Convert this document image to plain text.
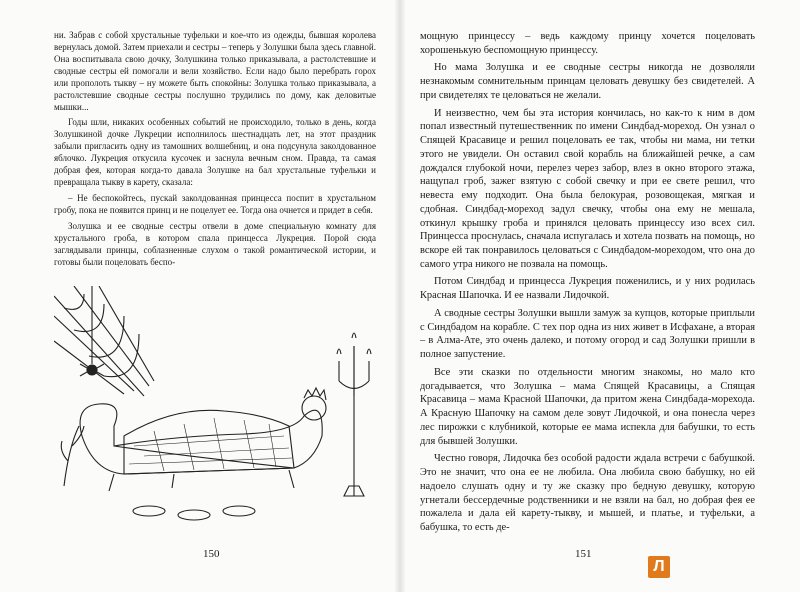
ни. Забрав с собой хрустальные туфельки и кое-что из одежды, бывшая королева вернулась домой. Затем приехали и сестры – теперь у Золушки была здесь главной. Она воспитывала свою дочку, Золушкина только приказывала, а растолстевшие и сводные сестры ей помогали и вели хозяйство. Если надо было перебрать горох или прополоть тыкву – ну можете быть спокойны: Золушка только приказывала, а растолстевшие сводные сестры послушно трудились по дому, как деловитые мышки...

Годы шли, никаких особенных событий не происходило, только в день, когда Золушкиной дочке Лукреции исполнилось шестнадцать лет, на этот праздник забыли пригласить одну из тамошних волшебниц, и она подсунула заколдованное яблочко. Лукреция откусила кусочек и заснула вечным сном. Правда, та самая добрая фея, которая когда-то давала Золушке на бал хрустальные туфельки и превращала тыкву в карету, сказала:

– Не беспокойтесь, пускай заколдованная принцесса поспит в хрустальном гробу, пока не появится принц и не поцелует ее. Тогда она очнется и придет в себя.

Золушка и ее сводные сестры отвели в доме специальную комнату для хрустального гроба, в котором спала принцесса Лукреция. Порой сюда заглядывали принцы, соблазненные слухом о такой романтической истории, и готовы были поцеловать беспо-

мощную принцессу – ведь каждому принцу хочется поцеловать хорошенькую беспомощную принцессу.

Но мама Золушка и ее сводные сестры никогда не дозволяли незнакомым сомнительным принцам целовать девушку без свидетелей. А при свидетелях те целоваться не желали.

И неизвестно, чем бы эта история кончилась, но как-то к ним в дом попал известный путешественник по имени Синдбад-мореход. Он узнал о Спящей Красавице и решил поцеловать ее так, чтобы ни мама, ни тетки этого не увидели. Он оставил свой корабль на ближайшей речке, а сам дождался глубокой ночи, перелез через забор, влез в окно второго этажа, нащупал гроб, зажег взятую с собой свечку и при ее свете решил, что невеста ему подходит. Она была белокурая, розовощекая, мягкая и сдобная. Синдбад-мореход задул свечку, чтобы она ему не мешала, откинул крышку гроба и принялся целовать принцессу изо всех сил. Принцесса проснулась, сначала испугалась и хотела позвать на помощь, но вскоре ей так понравилось целоваться с Синдбадом-мореходом, что она до самого утра никого не позвала на помощь.

Потом Синдбад и принцесса Лукреция поженились, и у них родилась Красная Шапочка. И ее назвали Лидочкой.

А сводные сестры Золушки вышли замуж за купцов, которые приплыли с Синдбадом на корабле. С тех пор одна из них живет в Исфахане, а вторая – в Алма-Ате, это очень далеко, и потому огород и сад Золушки пришли в полное запустение.

Все эти сказки по отдельности многим знакомы, но мало кто догадывается, что Золушка – мама Спящей Красавицы, а Спящая Красавица – мама Красной Шапочки, да притом жена Синдбада-морехода. А Красную Шапочку на самом деле зовут Лидочкой, и она понесла через лес пирожки с клубникой, которые ее мама испекла для бабушки, то есть для бывшей Золушки.

Честно говоря, Лидочка без особой радости ждала встречи с бабушкой. Это не значит, что она ее не любила. Она любила свою бабушку, но ей надоело слушать одну и ту же сказку про бедную девушку, которую угнетали бессердечные родственники и не взяли на бал, но добрая фея ее пожалела и дала ей карету-тыкву, и мышей, и платье, и туфельки, а бабушка, то есть де-

150	151
Л
